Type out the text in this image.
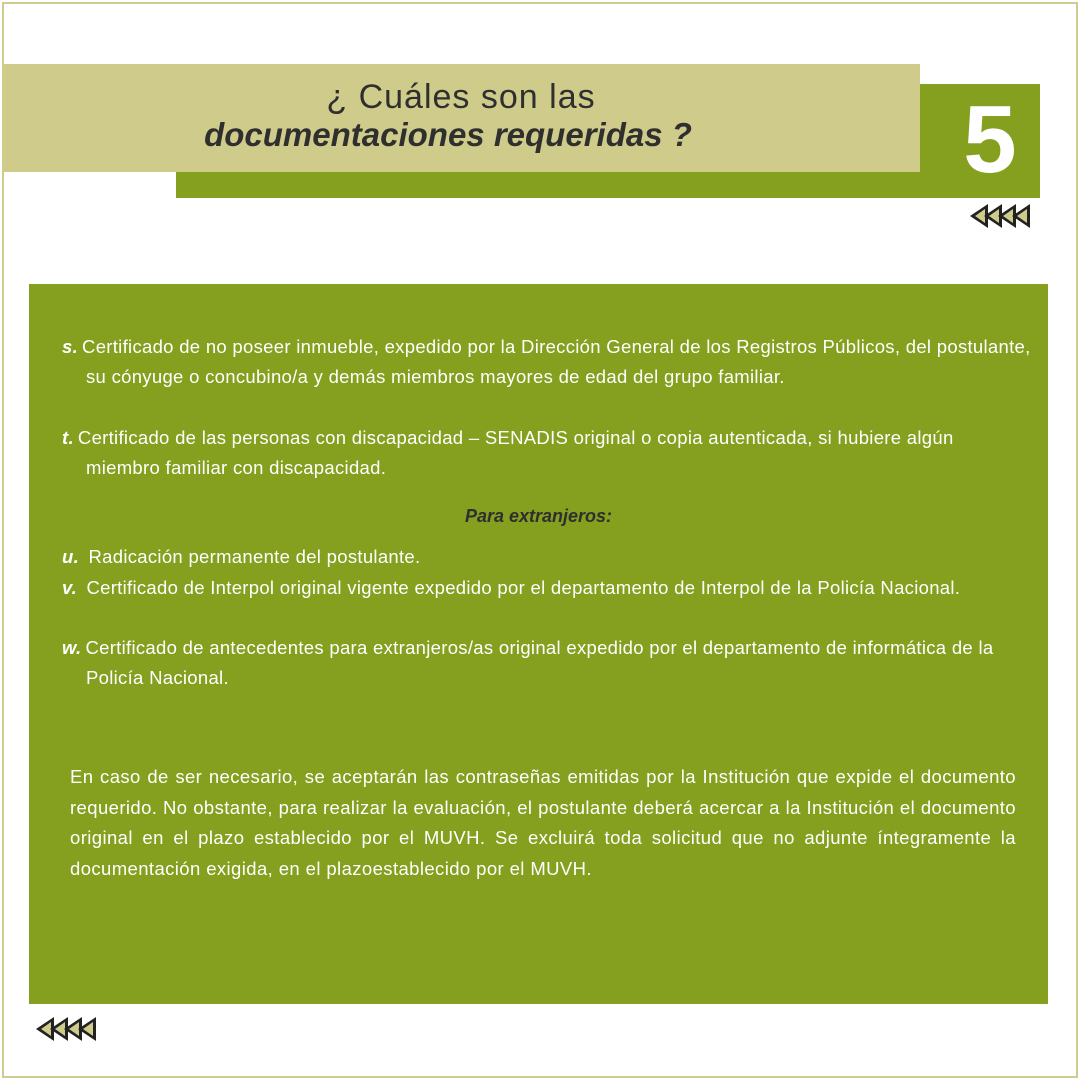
¿ Cuáles son las
documentaciones requeridas ?	5
s. Certificado de no poseer inmueble, expedido por la Dirección General de los Registros Públicos, del postulante, su cónyuge o concubino/a y demás miembros mayores de edad del grupo familiar.
t. Certificado de las personas con discapacidad – SENADIS original o copia autenticada, si hubiere algún miembro familiar con discapacidad.
Para extranjeros:
u. Radicación permanente del postulante.
v. Certificado de Interpol original vigente expedido por el departamento de Interpol de la Policía Nacional.
w. Certificado de antecedentes para extranjeros/as original expedido por el departamento de informática de la Policía Nacional.
En caso de ser necesario, se aceptarán las contraseñas emitidas por la Institución que expide el documento requerido. No obstante, para realizar la evaluación, el postulante deberá acercar a la Institución el documento original en el plazo establecido por el MUVH. Se excluirá toda solicitud que no adjunte íntegramente la documentación exigida, en el plazoestablecido por el MUVH.
